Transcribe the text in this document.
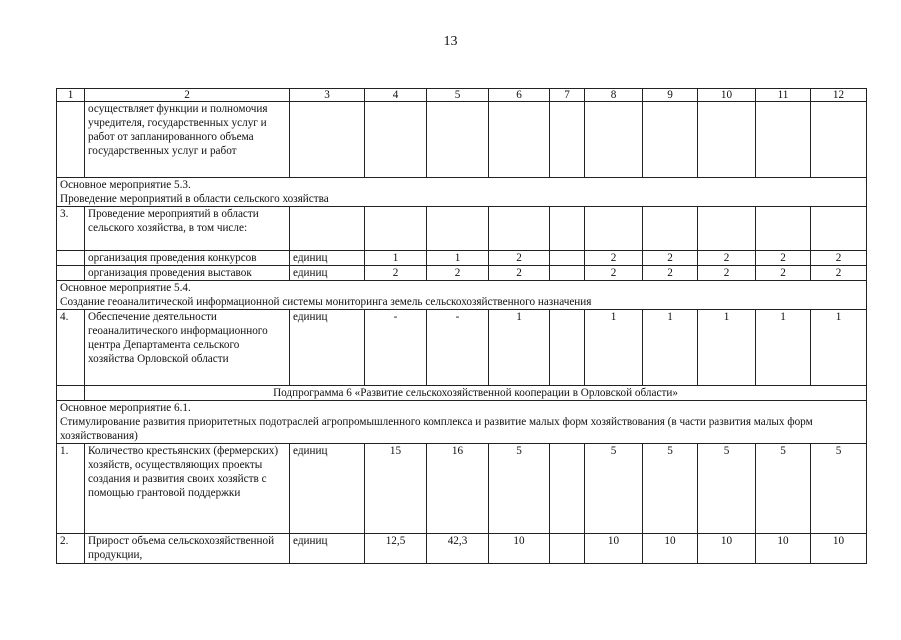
13
1	2	3	4	5	6	7	8	9	10	11	12
	осуществляет функции и полномочия учредителя, государственных услуг и работ от запланированного объема государственных услуг и работ										

Основное мероприятие 5.3.
Проведение мероприятий в области сельского хозяйства											

3.	Проведение мероприятий в области сельского хозяйства, в том числе:										
	организация проведения конкурсов	единиц	1	1	2		2	2	2	2	2
	организация проведения выставок	единиц	2	2	2		2	2	2	2	2

Основное мероприятие 5.4.
Создание геоаналитической информационной системы мониторинга земель сельскохозяйственного назначения											

4.	Обеспечение деятельности геоаналитического информационного центра Департамента сельского хозяйства Орловской области	единиц	-	-	1		1	1	1	1	1
	Подпрограмма 6 «Развитие сельскохозяйственной кооперации в Орловской области»										

Основное мероприятие 6.1.
Стимулирование развития приоритетных подотраслей агропромышленного комплекса и развитие малых форм хозяйствования (в части развития малых форм хозяйствования)											

1.	Количество крестьянских (фермерских) хозяйств, осуществляющих проекты создания и развития своих хозяйств с помощью грантовой поддержки	единиц	15	16	5		5	5	5	5	5
2.	Прирост объема сельскохозяйственной продукции,	единиц	12,5	42,3	10		10	10	10	10	10
